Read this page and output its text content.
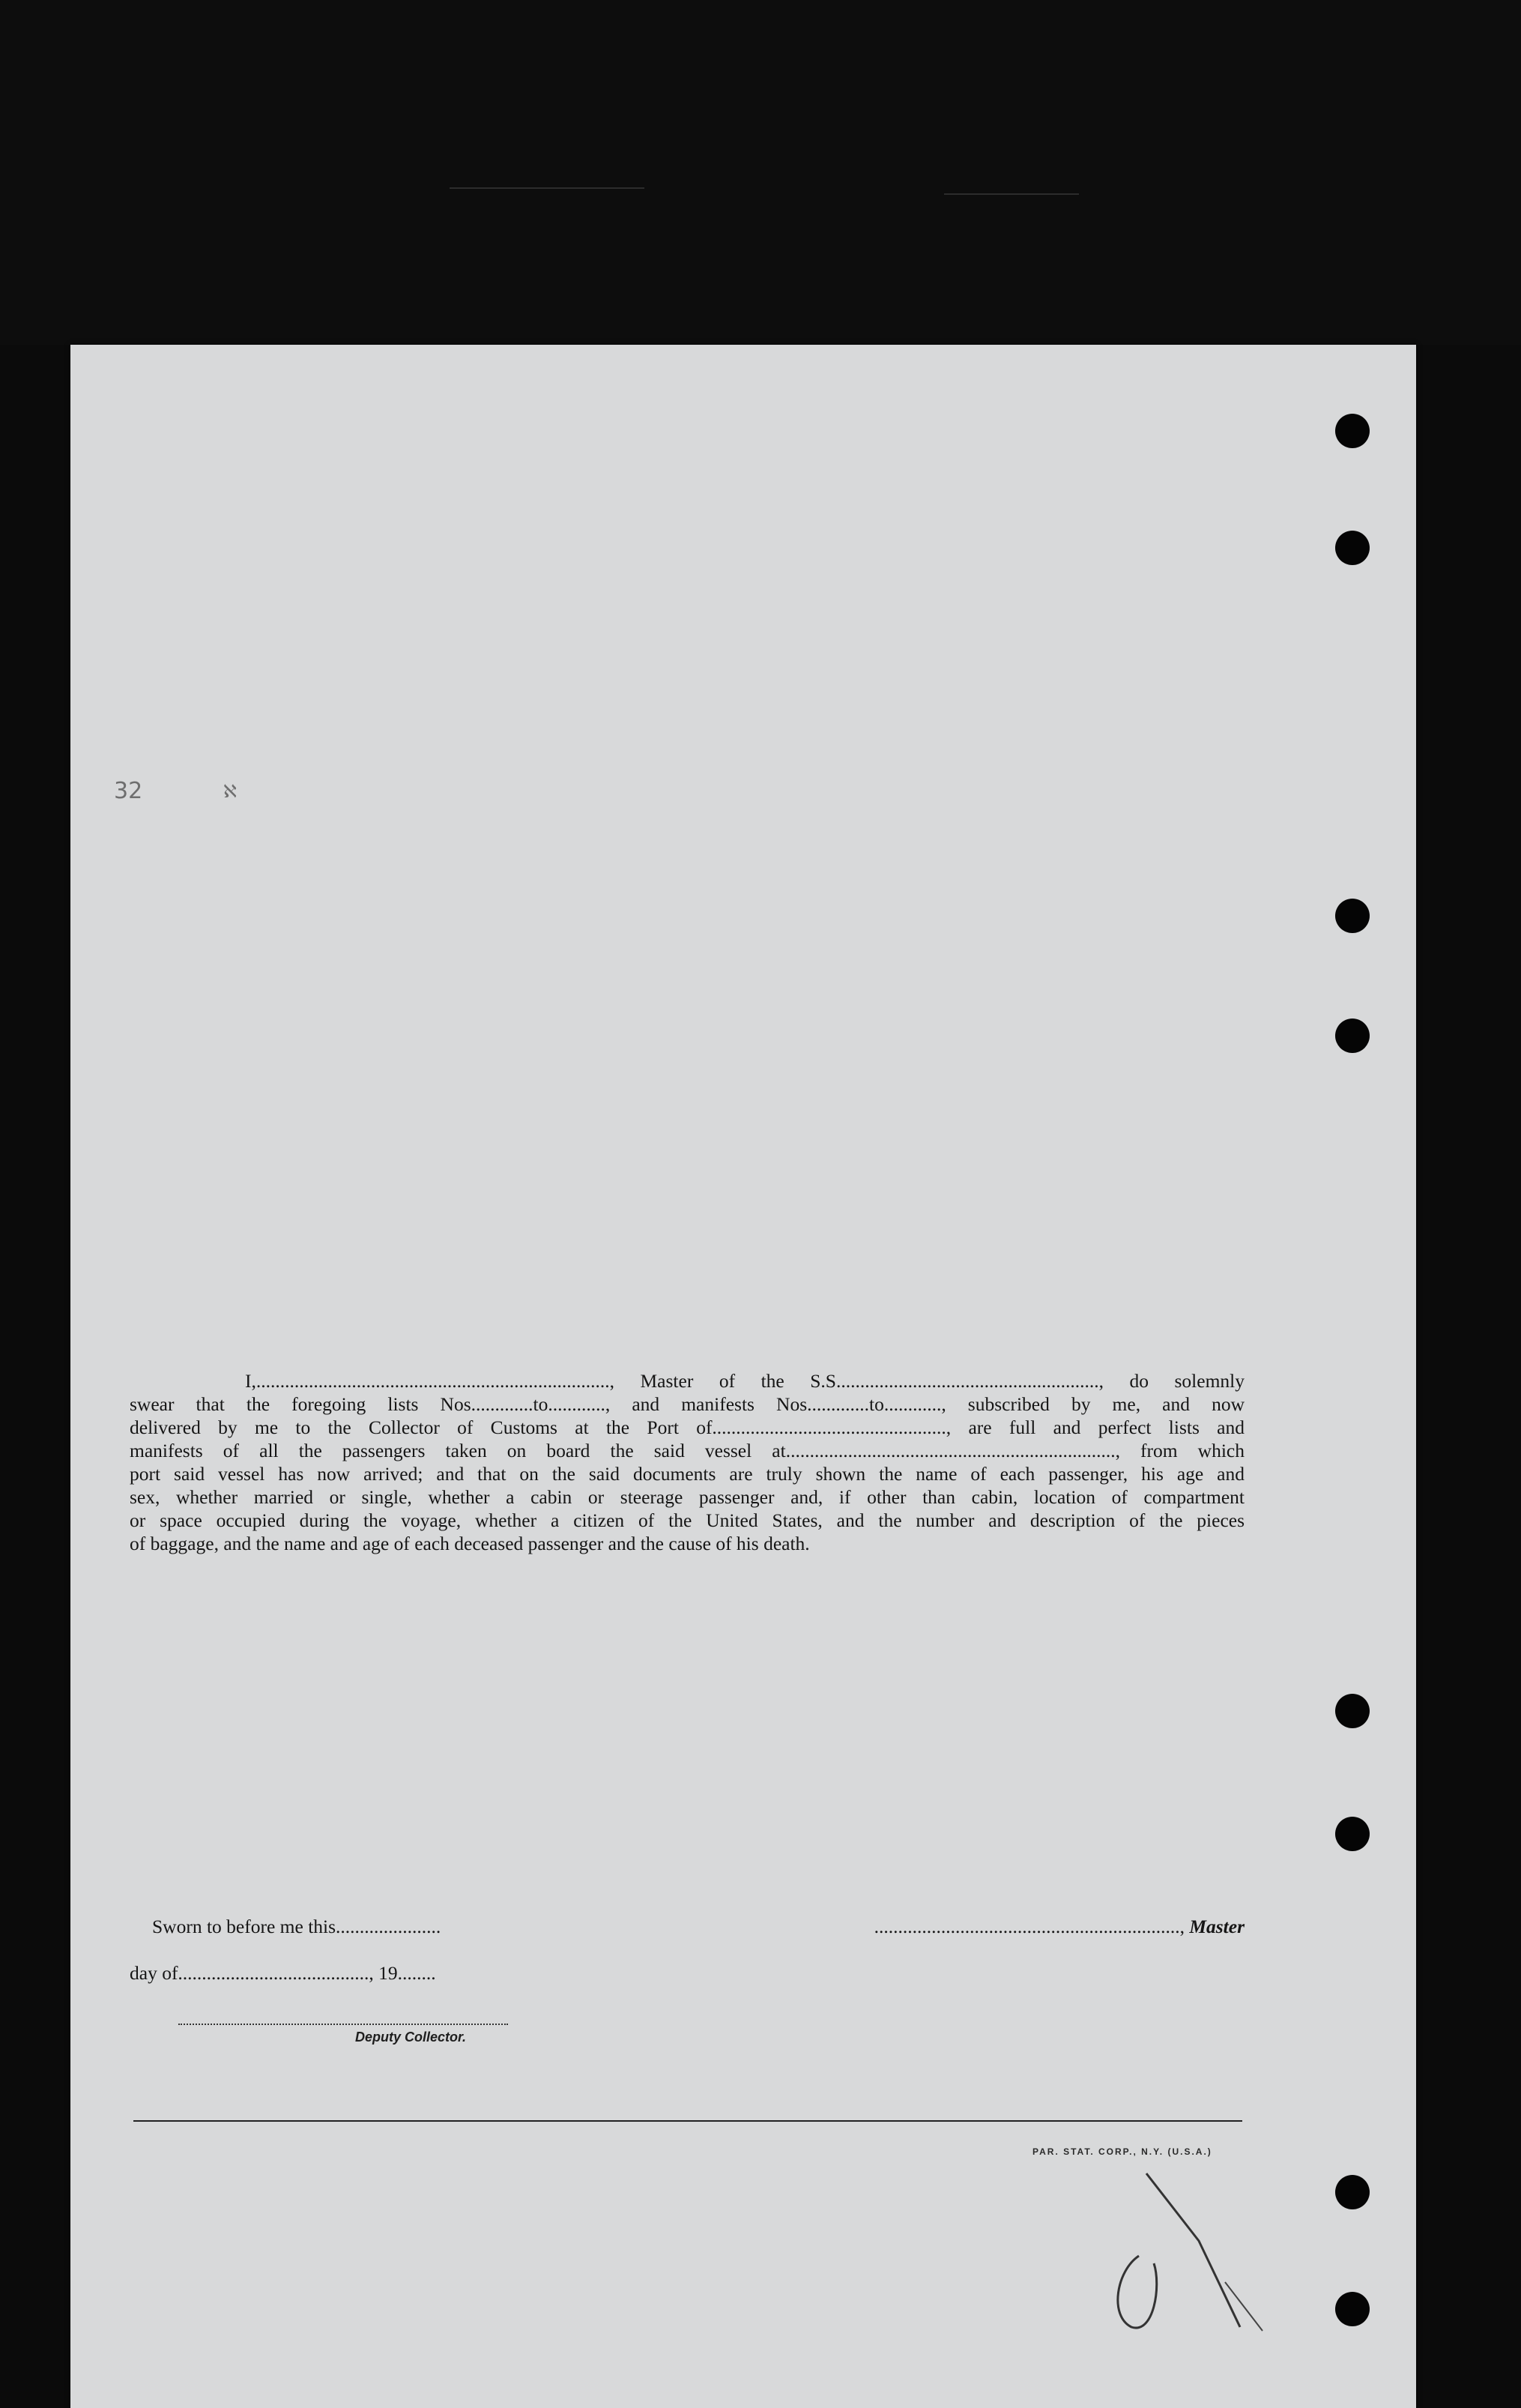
32	ℵ
I,.........................................................................., Master of the S.S......................................................., do solemnly
swear that the foregoing lists Nos.............to............, and manifests Nos.............to............, subscribed by me, and now
delivered by me to the Collector of Customs at the Port of................................................., are full and perfect lists and
manifests of all the passengers taken on board the said vessel at....................................................................., from which
port said vessel has now arrived; and that on the said documents are truly shown the name of each passenger, his age and
sex, whether married or single, whether a cabin or steerage passenger and, if other than cabin, location of compartment
or space occupied during the voyage, whether a citizen of the United States, and the number and description of the pieces
of baggage, and the name and age of each deceased passenger and the cause of his death.
Sworn to before me this......................	................................................................, Master
day of........................................, 19........
Deputy Collector.
PAR. STAT. CORP., N.Y. (U.S.A.)
